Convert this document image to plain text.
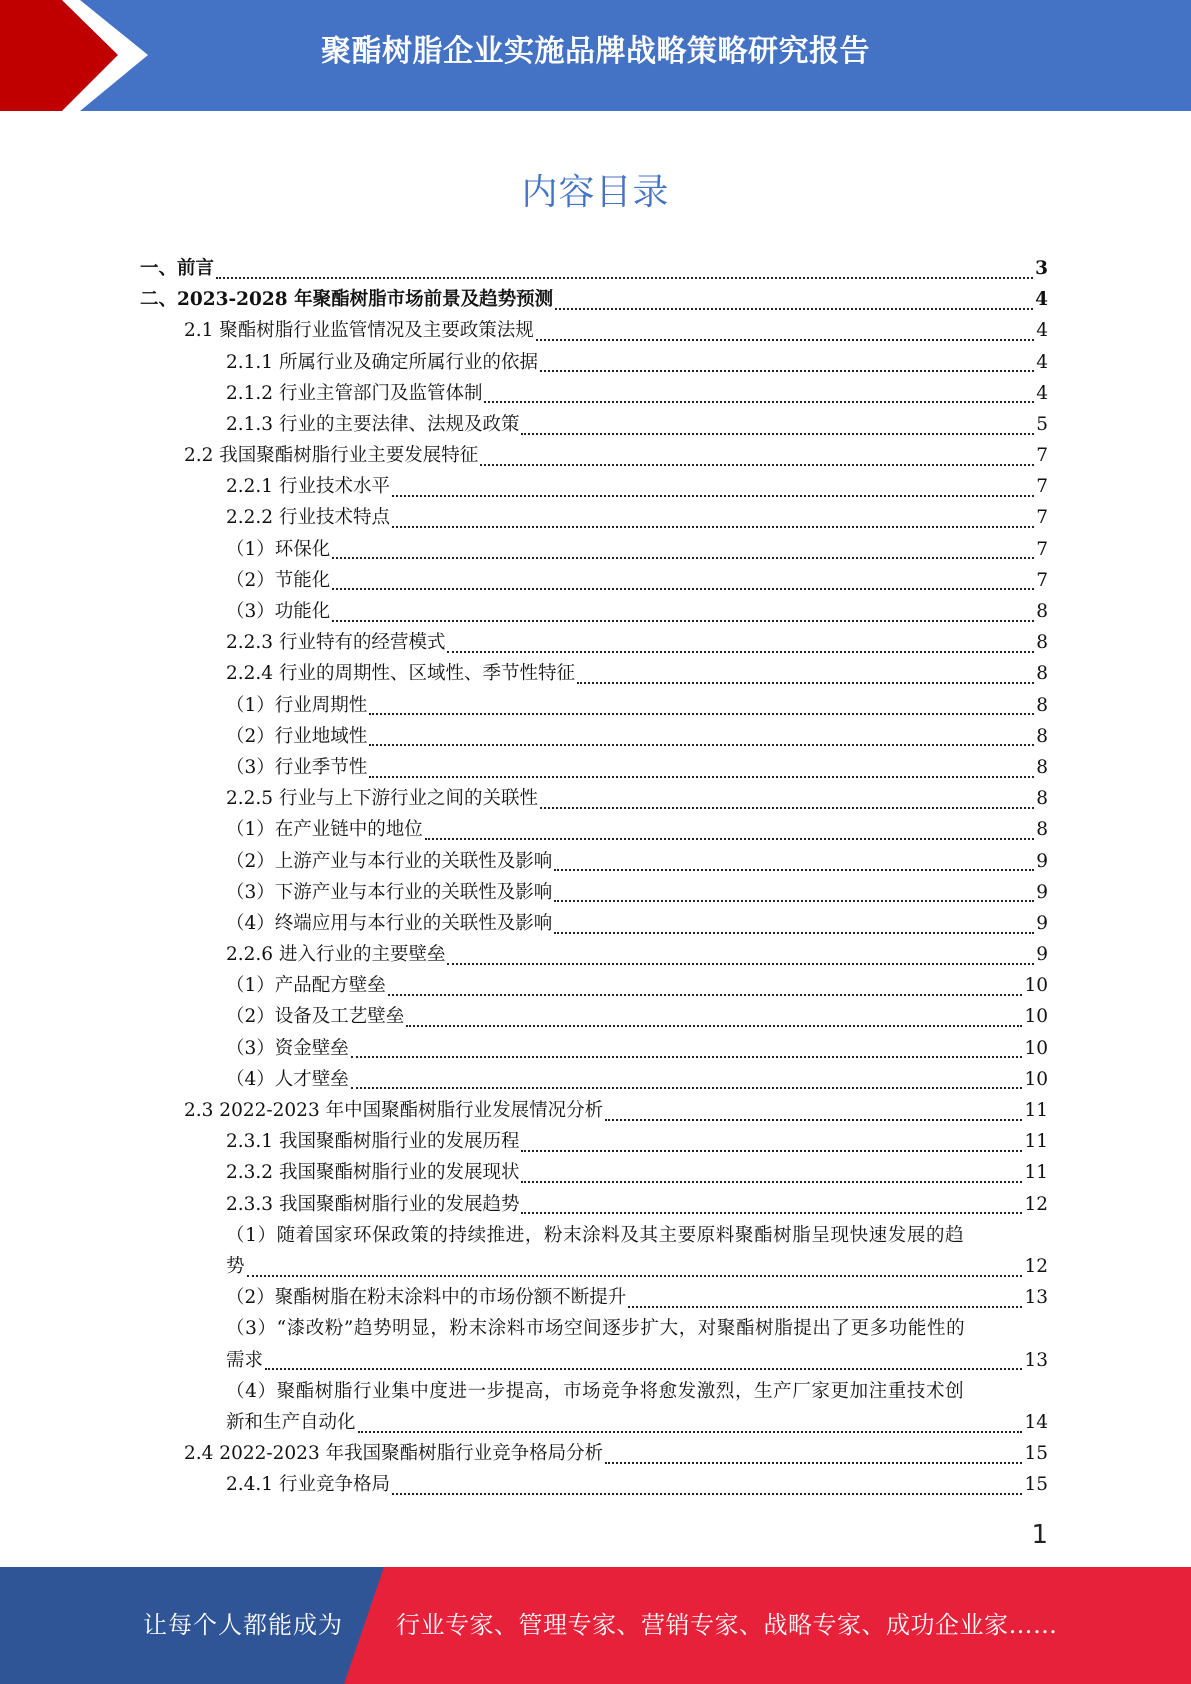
聚酯树脂企业实施品牌战略策略研究报告
内容目录
一、前言	3
二、2023-2028 年聚酯树脂市场前景及趋势预测	4
2.1 聚酯树脂行业监管情况及主要政策法规	4
2.1.1 所属行业及确定所属行业的依据	4
2.1.2 行业主管部门及监管体制	4
2.1.3 行业的主要法律、法规及政策	5
2.2 我国聚酯树脂行业主要发展特征	7
2.2.1 行业技术水平	7
2.2.2 行业技术特点	7
（1）环保化	7
（2）节能化	7
（3）功能化	8
2.2.3 行业特有的经营模式	8
2.2.4 行业的周期性、区域性、季节性特征	8
（1）行业周期性	8
（2）行业地域性	8
（3）行业季节性	8
2.2.5 行业与上下游行业之间的关联性	8
（1）在产业链中的地位	8
（2）上游产业与本行业的关联性及影响	9
（3）下游产业与本行业的关联性及影响	9
（4）终端应用与本行业的关联性及影响	9
2.2.6 进入行业的主要壁垒	9
（1）产品配方壁垒	10
（2）设备及工艺壁垒	10
（3）资金壁垒	10
（4）人才壁垒	10
2.3 2022-2023 年中国聚酯树脂行业发展情况分析	11
2.3.1 我国聚酯树脂行业的发展历程	11
2.3.2 我国聚酯树脂行业的发展现状	11
2.3.3 我国聚酯树脂行业的发展趋势	12
（1）随着国家环保政策的持续推进，粉末涂料及其主要原料聚酯树脂呈现快速发展的趋
势	12
（2）聚酯树脂在粉末涂料中的市场份额不断提升	13
（3）“漆改粉”趋势明显，粉末涂料市场空间逐步扩大，对聚酯树脂提出了更多功能性的
需求	13
（4）聚酯树脂行业集中度进一步提高，市场竞争将愈发激烈，生产厂家更加注重技术创
新和生产自动化	14
2.4 2022-2023 年我国聚酯树脂行业竞争格局分析	15
2.4.1 行业竞争格局	15
1
让每个人都能成为 行业专家、管理专家、营销专家、战略专家、成功企业家……
